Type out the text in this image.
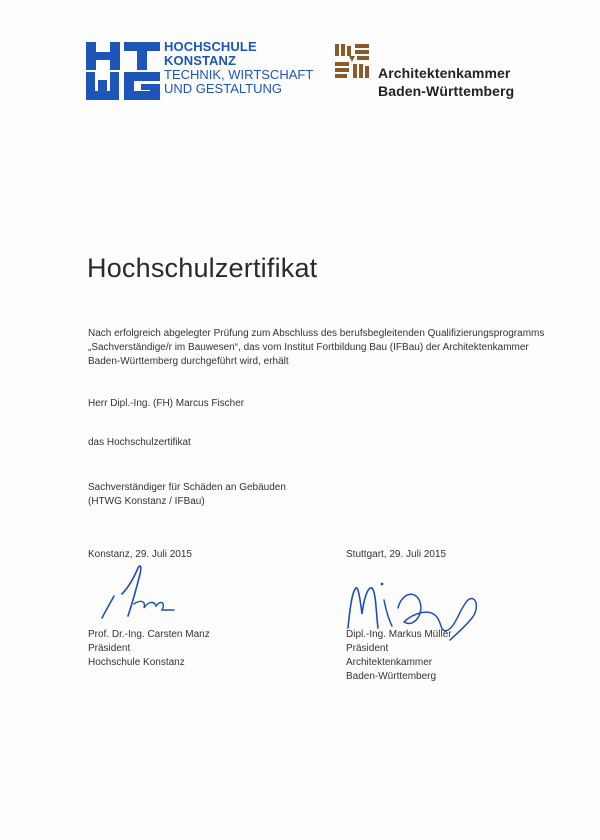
HOCHSCHULE
KONSTANZ
TECHNIK, WIRTSCHAFT
UND GESTALTUNG
Architektenkammer
Baden-Württemberg
Hochschulzertifikat
Nach erfolgreich abgelegter Prüfung zum Abschluss des berufsbegleitenden Qualifizierungsprogramms
„Sachverständige/r im Bauwesen“, das vom Institut Fortbildung Bau (IFBau) der Architektenkammer
Baden-Württemberg durchgeführt wird, erhält
Herr Dipl.-Ing. (FH) Marcus Fischer
das Hochschulzertifikat
Sachverständiger für Schäden an Gebäuden
(HTWG Konstanz / IFBau)
Konstanz, 29. Juli 2015	Stuttgart, 29. Juli 2015
Prof. Dr.-Ing. Carsten Manz
Präsident
Hochschule Konstanz
Dipl.-Ing. Markus Müller
Präsident
Architektenkammer
Baden-Württemberg
